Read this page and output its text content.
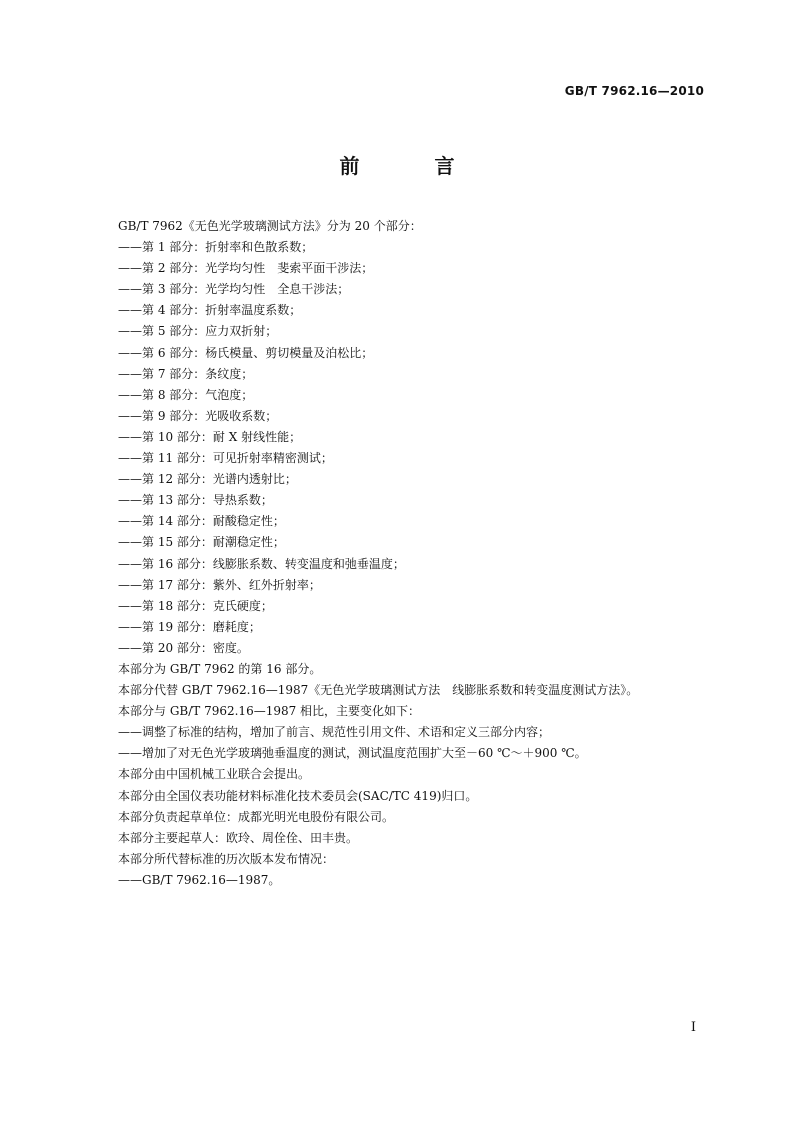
GB/T 7962.16—2010
前 言
GB/T 7962《无色光学玻璃测试方法》分为 20 个部分：
——第 1 部分：折射率和色散系数；
——第 2 部分：光学均匀性　斐索平面干涉法；
——第 3 部分：光学均匀性　全息干涉法；
——第 4 部分：折射率温度系数；
——第 5 部分：应力双折射；
——第 6 部分：杨氏模量、剪切模量及泊松比；
——第 7 部分：条纹度；
——第 8 部分：气泡度；
——第 9 部分：光吸收系数；
——第 10 部分：耐 X 射线性能；
——第 11 部分：可见折射率精密测试；
——第 12 部分：光谱内透射比；
——第 13 部分：导热系数；
——第 14 部分：耐酸稳定性；
——第 15 部分：耐潮稳定性；
——第 16 部分：线膨胀系数、转变温度和弛垂温度；
——第 17 部分：紫外、红外折射率；
——第 18 部分：克氏硬度；
——第 19 部分：磨耗度；
——第 20 部分：密度。
本部分为 GB/T 7962 的第 16 部分。
本部分代替 GB/T 7962.16—1987《无色光学玻璃测试方法　线膨胀系数和转变温度测试方法》。
本部分与 GB/T 7962.16—1987 相比，主要变化如下：
——调整了标准的结构，增加了前言、规范性引用文件、术语和定义三部分内容；
——增加了对无色光学玻璃弛垂温度的测试，测试温度范围扩大至－60 ℃～＋900 ℃。
本部分由中国机械工业联合会提出。
本部分由全国仪表功能材料标准化技术委员会(SAC/TC 419)归口。
本部分负责起草单位：成都光明光电股份有限公司。
本部分主要起草人：欧玲、周佺佺、田丰贵。
本部分所代替标准的历次版本发布情况：
——GB/T 7962.16—1987。
I
